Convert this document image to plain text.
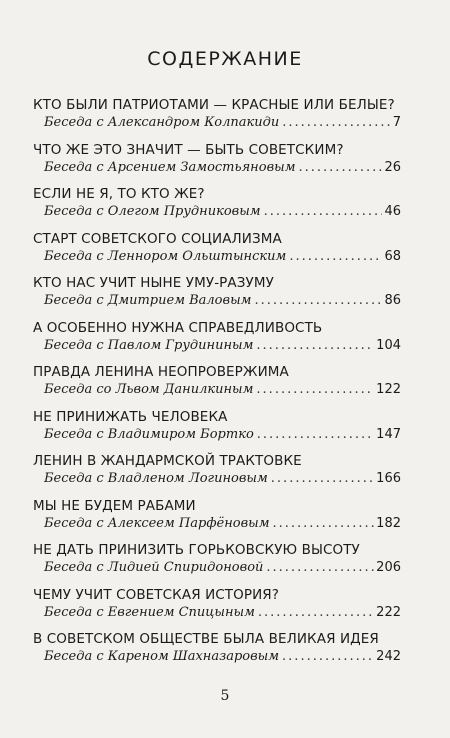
СОДЕРЖАНИЕ
КТО БЫЛИ ПАТРИОТАМИ — КРАСНЫЕ ИЛИ БЕЛЫЕ?
Беседа с Александром Колпакиди .....	7
ЧТО ЖЕ ЭТО ЗНАЧИТ — БЫТЬ СОВЕТСКИМ?
Беседа с Арсением Замостьяновым .....	26
ЕСЛИ НЕ Я, ТО КТО ЖЕ?
Беседа с Олегом Прудниковым .....	46
СТАРТ СОВЕТСКОГО СОЦИАЛИЗМА
Беседа с Леннором Ольштынским .....	68
КТО НАС УЧИТ НЫНЕ УМУ-РАЗУМУ
Беседа с Дмитрием Валовым .....	86
А ОСОБЕННО НУЖНА СПРАВЕДЛИВОСТЬ
Беседа с Павлом Грудининым .....	104
ПРАВДА ЛЕНИНА НЕОПРОВЕРЖИМА
Беседа со Львом Данилкиным .....	122
НЕ ПРИНИЖАТЬ ЧЕЛОВЕКА
Беседа с Владимиром Бортко .....	147
ЛЕНИН В ЖАНДАРМСКОЙ ТРАКТОВКЕ
Беседа с Владленом Логиновым .....	166
МЫ НЕ БУДЕМ РАБАМИ
Беседа с Алексеем Парфёновым .....	182
НЕ ДАТЬ ПРИНИЗИТЬ ГОРЬКОВСКУЮ ВЫСОТУ
Беседа с Лидией Спиридоновой .....	206
ЧЕМУ УЧИТ СОВЕТСКАЯ ИСТОРИЯ?
Беседа с Евгением Спицыным .....	222
В СОВЕТСКОМ ОБЩЕСТВЕ БЫЛА ВЕЛИКАЯ ИДЕЯ
Беседа с Кареном Шахназаровым .....	242
5
